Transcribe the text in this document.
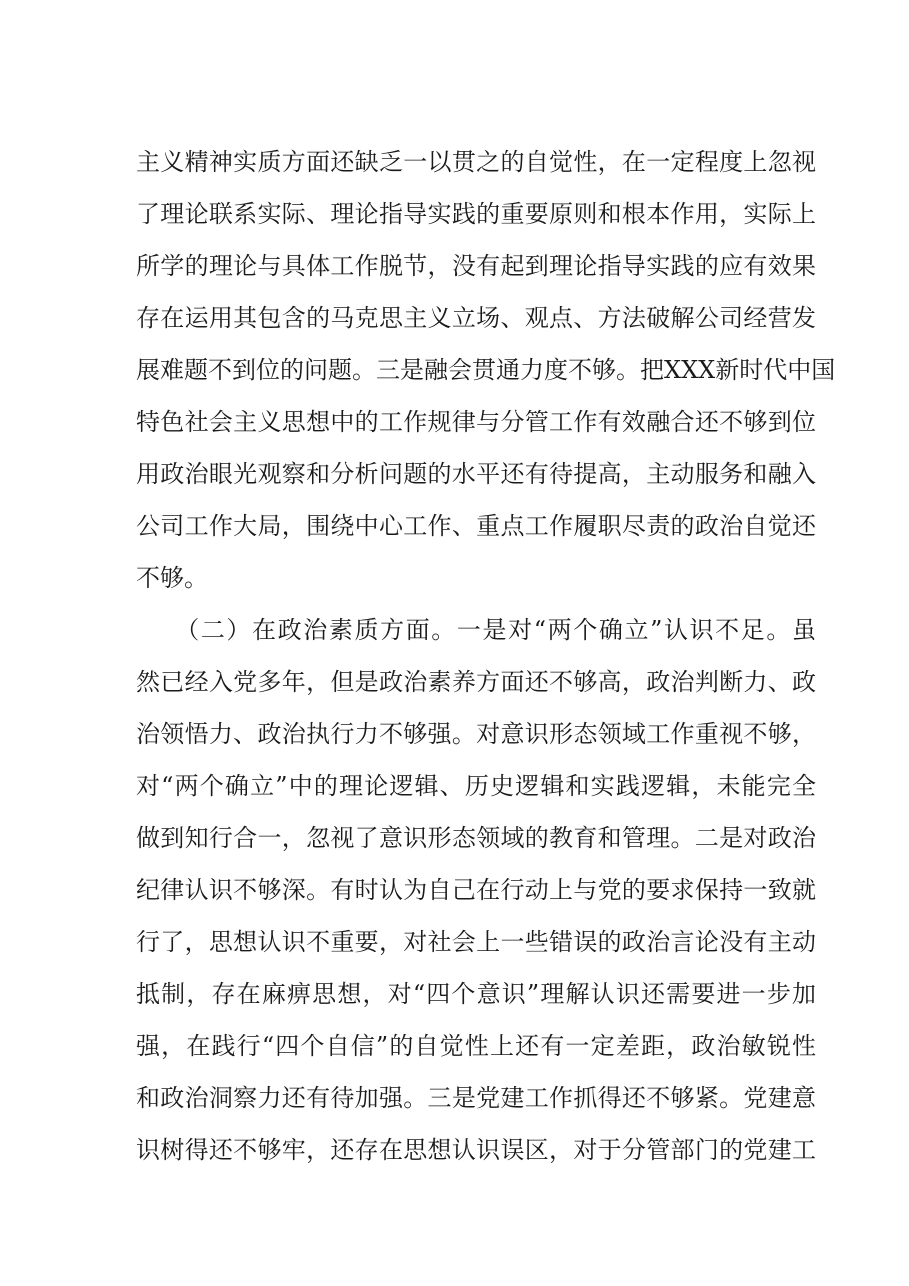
主义精神实质方面还缺乏一以贯之的自觉性，在一定程度上忽视
了理论联系实际、理论指导实践的重要原则和根本作用，实际上
所学的理论与具体工作脱节，没有起到理论指导实践的应有效果
存在运用其包含的马克思主义立场、观点、方法破解公司经营发
展难题不到位的问题。三是融会贯通力度不够。把XXX新时代中国
特色社会主义思想中的工作规律与分管工作有效融合还不够到位
用政治眼光观察和分析问题的水平还有待提高，主动服务和融入
公司工作大局，围绕中心工作、重点工作履职尽责的政治自觉还
不够。
　　（二）在政治素质方面。一是对“两个确立”认识不足。虽
然已经入党多年，但是政治素养方面还不够高，政治判断力、政
治领悟力、政治执行力不够强。对意识形态领域工作重视不够，
对“两个确立”中的理论逻辑、历史逻辑和实践逻辑，未能完全
做到知行合一，忽视了意识形态领域的教育和管理。二是对政治
纪律认识不够深。有时认为自己在行动上与党的要求保持一致就
行了，思想认识不重要，对社会上一些错误的政治言论没有主动
抵制，存在麻痹思想，对“四个意识”理解认识还需要进一步加
强，在践行“四个自信”的自觉性上还有一定差距，政治敏锐性
和政治洞察力还有待加强。三是党建工作抓得还不够紧。党建意
识树得还不够牢，还存在思想认识误区，对于分管部门的党建工
